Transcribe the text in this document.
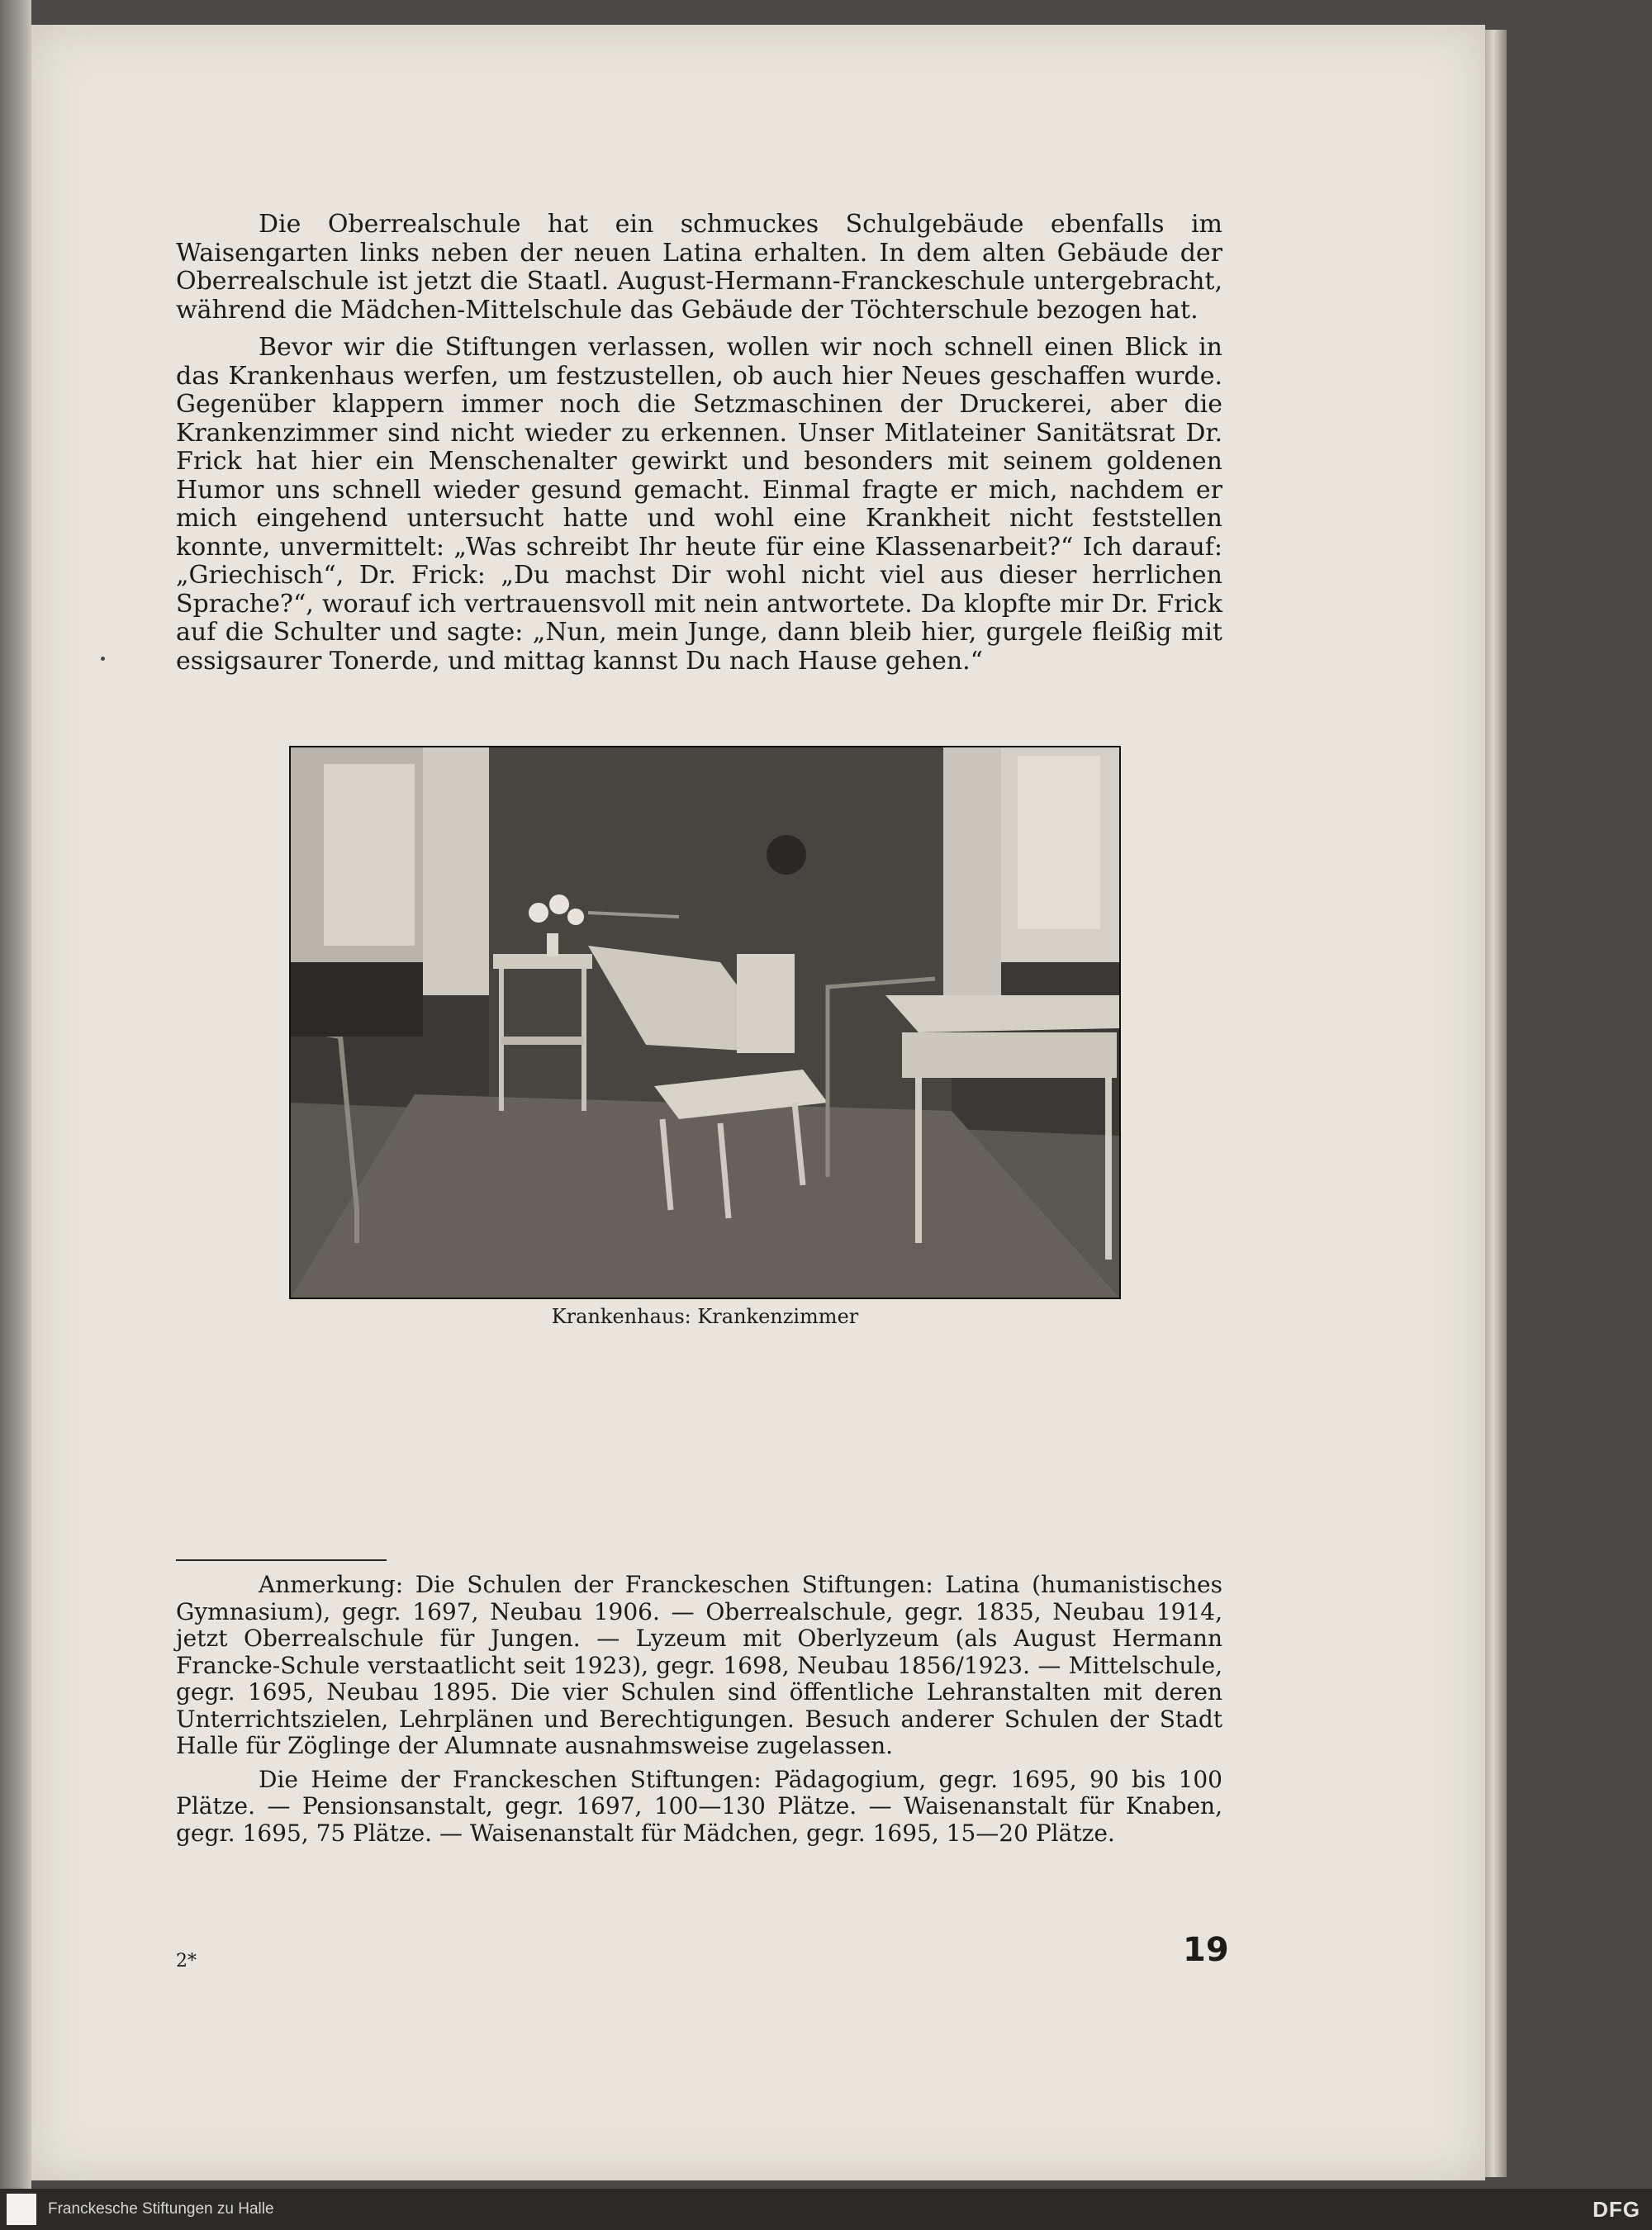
Die Oberrealschule hat ein schmuckes Schulgebäude ebenfalls im Waisengarten links neben der neuen Latina erhalten. In dem alten Gebäude der Oberrealschule ist jetzt die Staatl. August-Hermann-Franckeschule untergebracht, während die Mädchen-Mittelschule das Gebäude der Töchterschule bezogen hat.

Bevor wir die Stiftungen verlassen, wollen wir noch schnell einen Blick in das Krankenhaus werfen, um festzustellen, ob auch hier Neues geschaffen wurde. Gegenüber klappern immer noch die Setzmaschinen der Druckerei, aber die Krankenzimmer sind nicht wieder zu erkennen. Unser Mitlateiner Sanitätsrat Dr. Frick hat hier ein Menschenalter gewirkt und besonders mit seinem goldenen Humor uns schnell wieder gesund gemacht. Einmal fragte er mich, nachdem er mich eingehend untersucht hatte und wohl eine Krankheit nicht feststellen konnte, unvermittelt: „Was schreibt Ihr heute für eine Klassenarbeit?“ Ich darauf: „Griechisch“, Dr. Frick: „Du machst Dir wohl nicht viel aus dieser herrlichen Sprache?“, worauf ich vertrauensvoll mit nein antwortete. Da klopfte mir Dr. Frick auf die Schulter und sagte: „Nun, mein Junge, dann bleib hier, gurgele fleißig mit essigsaurer Tonerde, und mittag kannst Du nach Hause gehen.“

Krankenhaus: Krankenzimmer

Anmerkung: Die Schulen der Franckeschen Stiftungen: Latina (humanistisches Gymnasium), gegr. 1697, Neubau 1906. — Oberrealschule, gegr. 1835, Neubau 1914, jetzt Oberrealschule für Jungen. — Lyzeum mit Oberlyzeum (als August Hermann Francke-Schule verstaatlicht seit 1923), gegr. 1698, Neubau 1856/1923. — Mittelschule, gegr. 1695, Neubau 1895. Die vier Schulen sind öffentliche Lehranstalten mit deren Unterrichtszielen, Lehrplänen und Berechtigungen. Besuch anderer Schulen der Stadt Halle für Zöglinge der Alumnate ausnahmsweise zugelassen.

Die Heime der Franckeschen Stiftungen: Pädagogium, gegr. 1695, 90 bis 100 Plätze. — Pensionsanstalt, gegr. 1697, 100—130 Plätze. — Waisenanstalt für Knaben, gegr. 1695, 75 Plätze. — Waisenanstalt für Mädchen, gegr. 1695, 15—20 Plätze.

2*	19
Franckesche Stiftungen zu Halle	DFG
